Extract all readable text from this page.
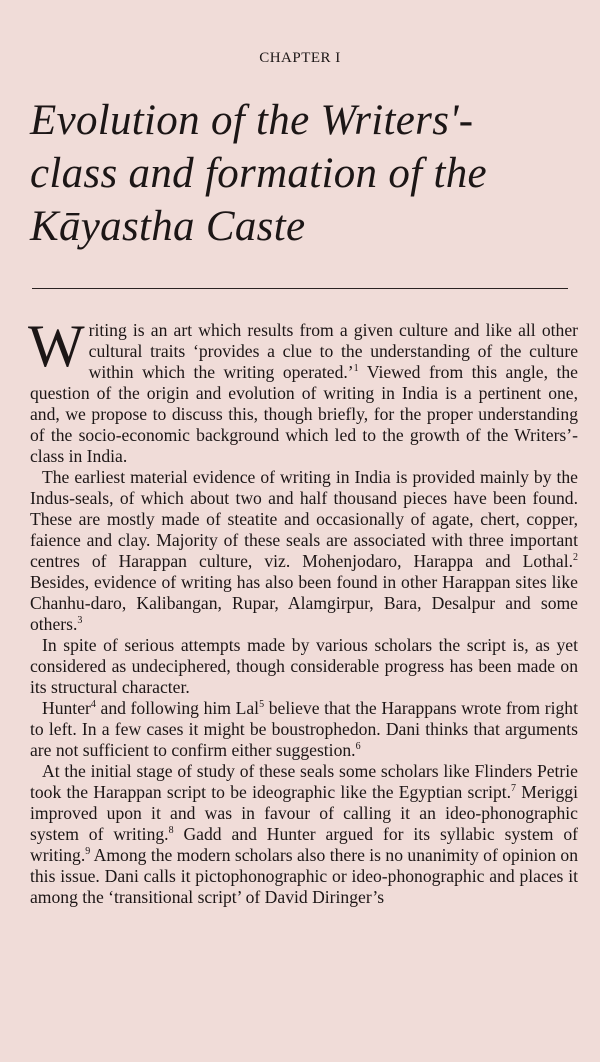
CHAPTER I
Evolution of the Writers'-
class and formation of the
Kāyastha Caste

Writing is an art which results from a given culture and like all other cultural traits ‘provides a clue to the understanding of the culture within which the writing operated.’$^1$ Viewed from this angle, the question of the origin and evolution of writing in India is a pertinent one, and, we propose to discuss this, though briefly, for the proper understanding of the socio-economic background which led to the growth of the Writers’-class in India.

The earliest material evidence of writing in India is provided mainly by the Indus-seals, of which about two and half thousand pieces have been found. These are mostly made of steatite and occasionally of agate, chert, copper, faience and clay. Majority of these seals are associated with three important centres of Harappan culture, viz. Mohenjodaro, Harappa and Lothal.$^2$ Besides, evidence of writing has also been found in other Harappan sites like Chanhu-daro, Kalibangan, Rupar, Alamgirpur, Bara, Desalpur and some others.$^3$

In spite of serious attempts made by various scholars the script is, as yet considered as undeciphered, though considerable progress has been made on its structural character.

Hunter$^4$ and following him Lal$^5$ believe that the Harappans wrote from right to left. In a few cases it might be boustrophedon. Dani thinks that arguments are not sufficient to confirm either suggestion.$^6$

At the initial stage of study of these seals some scholars like Flinders Petrie took the Harappan script to be ideographic like the Egyptian script.$^7$ Meriggi improved upon it and was in favour of calling it an ideo-phonographic system of writing.$^8$ Gadd and Hunter argued for its syllabic system of writing.$^9$ Among the modern scholars also there is no unanimity of opinion on this issue. Dani calls it pictophonographic or ideo-phonographic and places it among the ‘transitional script’ of David Diringer’s
